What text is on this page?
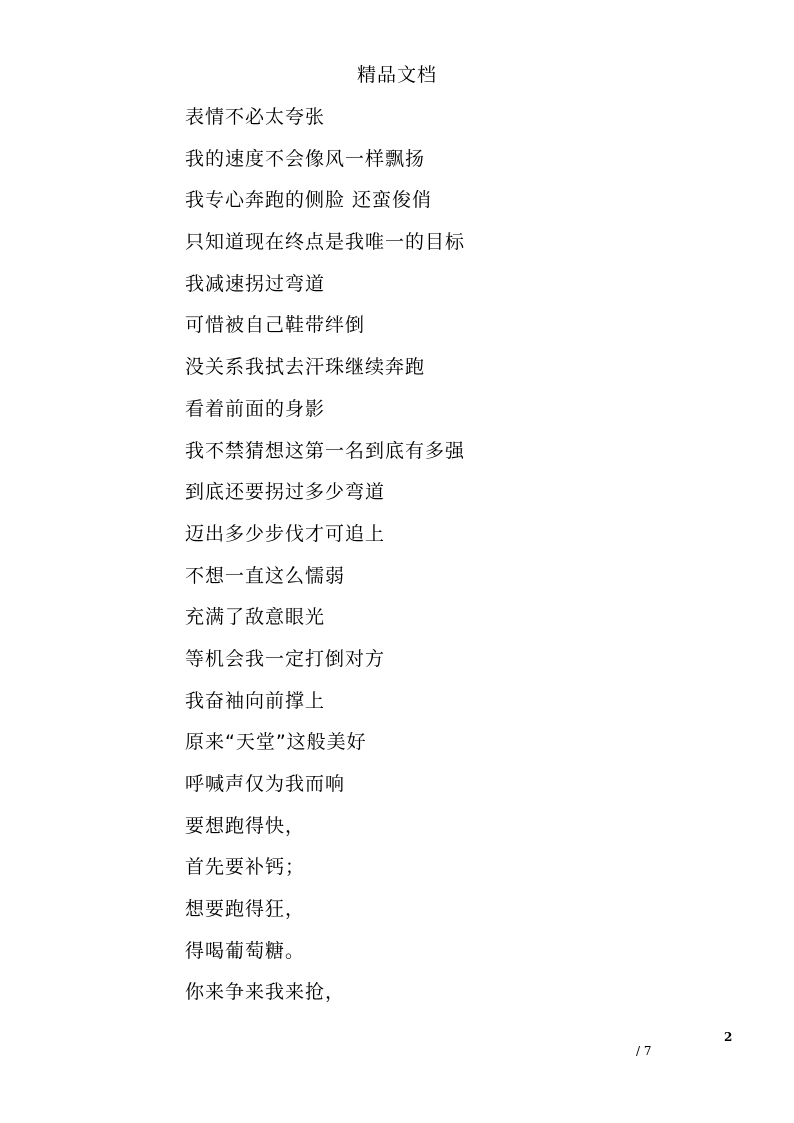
精品文档
表情不必太夸张
我的速度不会像风一样飘扬
我专心奔跑的侧脸 还蛮俊俏
只知道现在终点是我唯一的目标
我减速拐过弯道
可惜被自己鞋带绊倒
没关系我拭去汗珠继续奔跑
看着前面的身影
我不禁猜想这第一名到底有多强
到底还要拐过多少弯道
迈出多少步伐才可追上
不想一直这么懦弱
充满了敌意眼光
等机会我一定打倒对方
我奋袖向前撑上
原来“天堂”这般美好
呼喊声仅为我而响
要想跑得快，
首先要补钙；
想要跑得狂，
得喝葡萄糖。
你来争来我来抢，
2
/ 7
